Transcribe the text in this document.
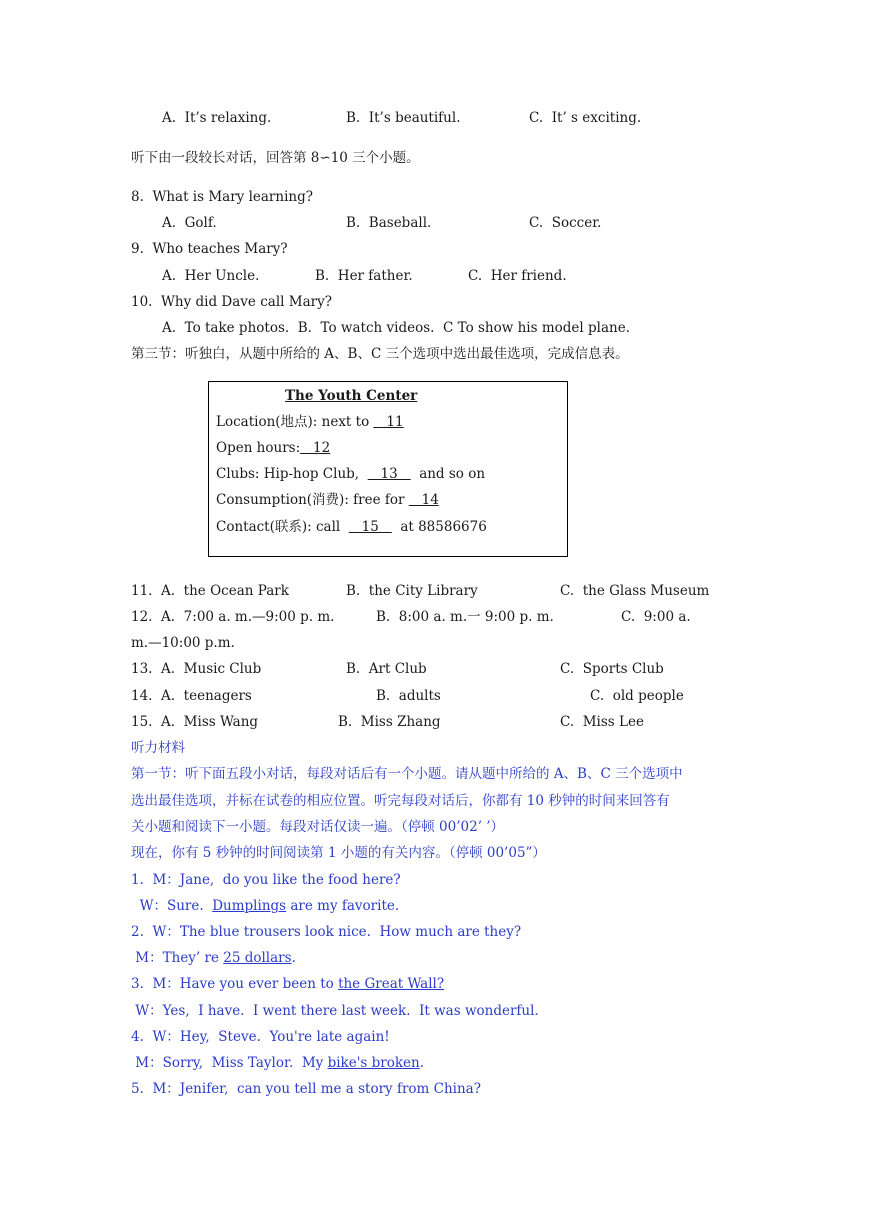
A.  It’s relaxing.	B.  It’s beautiful.	C.  It’ s exciting.
听下由一段较长对话，回答第 8∽10 三个小题。
8.  What is Mary learning?
A.  Golf.	B.  Baseball.	C.  Soccer.
9.  Who teaches Mary?
A.  Her Uncle.	B.  Her father.	C.  Her friend.
10.  Why did Dave call Mary?
A.  To take photos.  B.  To watch videos.  C To show his model plane.
第三节：听独白，从题中所给的 A、B、C 三个选项中选出最佳选项，完成信息表。
The Youth Center
Location(地点): next to    11
Open hours:   12
Clubs: Hip-hop Club,     13     and so on
Consumption(消费): free for    14
Contact(联系): call     15     at 88586676
11.  A.  the Ocean Park	B.  the City Library	C.  the Glass Museum
12.  A.  7:00 a. m.—9:00 p. m.	B.  8:00 a. m.一 9:00 p. m.	C.  9:00 a.
m.—10:00 p.m.
13.  A.  Music Club	B.  Art Club	C.  Sports Club
14.  A.  teenagers	B.  adults	C.  old people
15.  A.  Miss Wang	B.  Miss Zhang	C.  Miss Lee
听力材料
第一节：听下面五段小对话，每段对话后有一个小题。请从题中所给的 A、B、C 三个选项中
选出最佳选项，并标在试卷的相应位置。听完每段对话后，你都有 10 秒钟的时间来回答有
关小题和阅读下一小题。每段对话仅读一遍。（停顿 00’02’ ’）
现在，你有 5 秒钟的时间阅读第 1 小题的有关内容。（停顿 00’05”）
1.  M：Jane,  do you like the food here?
W：Sure.  Dumplings are my favorite.
2.  W：The blue trousers look nice.  How much are they?
M：They’ re 25 dollars.
3.  M：Have you ever been to the Great Wall?
W：Yes,  I have.  I went there last week.  It was wonderful.
4.  W：Hey,  Steve.  You're late again!
M：Sorry,  Miss Taylor.  My bike's broken.
5.  M：Jenifer,  can you tell me a story from China?
